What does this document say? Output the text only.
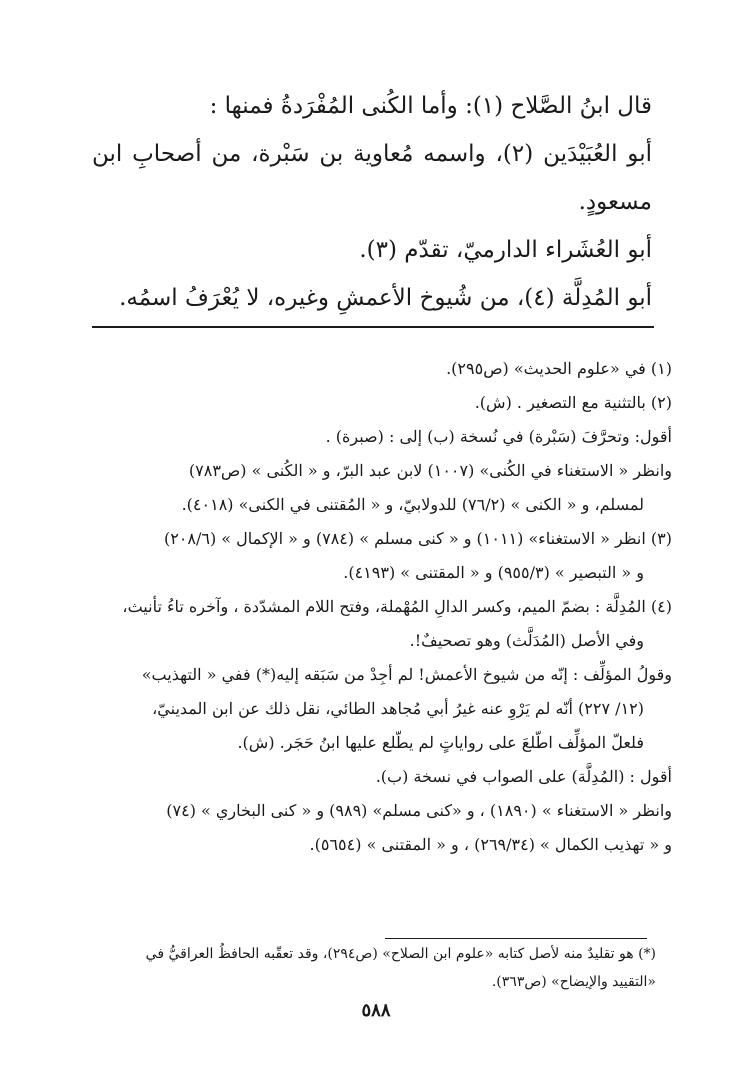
قال ابنُ الصَّلاح (١): وأما الكُنى المُفْرَدةُ فمنها :

أبو العُبَيْدَين (٢)، واسمه مُعاوية بن سَبْرة، من أصحابِ ابن مسعودٍ.

أبو العُشَراء الدارميّ، تقدّم (٣).

أبو المُدِلَّة (٤)، من شُيوخ الأعمشِ وغيره، لا يُعْرَفُ اسمُه.

(١) في «علوم الحديث» (ص٢٩٥).

(٢) بالتثنية مع التصغير . (ش).

أقول: وتحرَّفَ (سَبْرة) في نُسخة (ب) إلى : (صبرة) .

وانظر « الاستغناء في الكُنى» (١٠٠٧) لابن عبد البرّ، و « الكُنى » (ص٧٨٣)

لمسلم، و « الكنى » (٧٦/٢) للدولابيّ، و « المُقتنى في الكنى» (٤٠١٨).

(٣) انظر « الاستغناء» (١٠١١) و « كنى مسلم » (٧٨٤) و « الإكمال » (٢٠٨/٦)

و « التبصير » (٩٥٥/٣) و « المقتنى » (٤١٩٣).

(٤) المُدِلَّة : بضمّ الميم، وكسر الدالِ المُهْملة، وفتح اللام المشدّدة ، وآخره تاءُ تأنيث،

وفي الأصل (المُدَلَّث) وهو تصحيفٌ!.

وقولُ المؤلِّف : إنّه من شيوخ الأعمش! لم أجِدْ من سَبَقه إليه(*) ففي « التهذيب»

(١٢/ ٢٢٧) أنّه لم يَرْوِ عنه غيرُ أبي مُجاهد الطائي، نقل ذلك عن ابن المدينيّ،

فلعلّ المؤلِّف اطّلعَ على رواياتٍ لم يطّلع عليها ابنُ حَجَر. (ش).

أقول : (المُدِلَّة) على الصواب في نسخة (ب).

وانظر « الاستغناء » (١٨٩٠) ، و «كنى مسلم» (٩٨٩) و « كنى البخاري » (٧٤)

و « تهذيب الكمال » (٢٦٩/٣٤) ، و « المقتنى » (٥٦٥٤).

(*) هو تقليدٌ منه لأصل كتابه «علوم ابن الصلاح» (ص٢٩٤)، وقد تعقّبه الحافظُ العراقيُّ في

«التقييد والإيضاح» (ص٣٦٣).

٥٨٨
